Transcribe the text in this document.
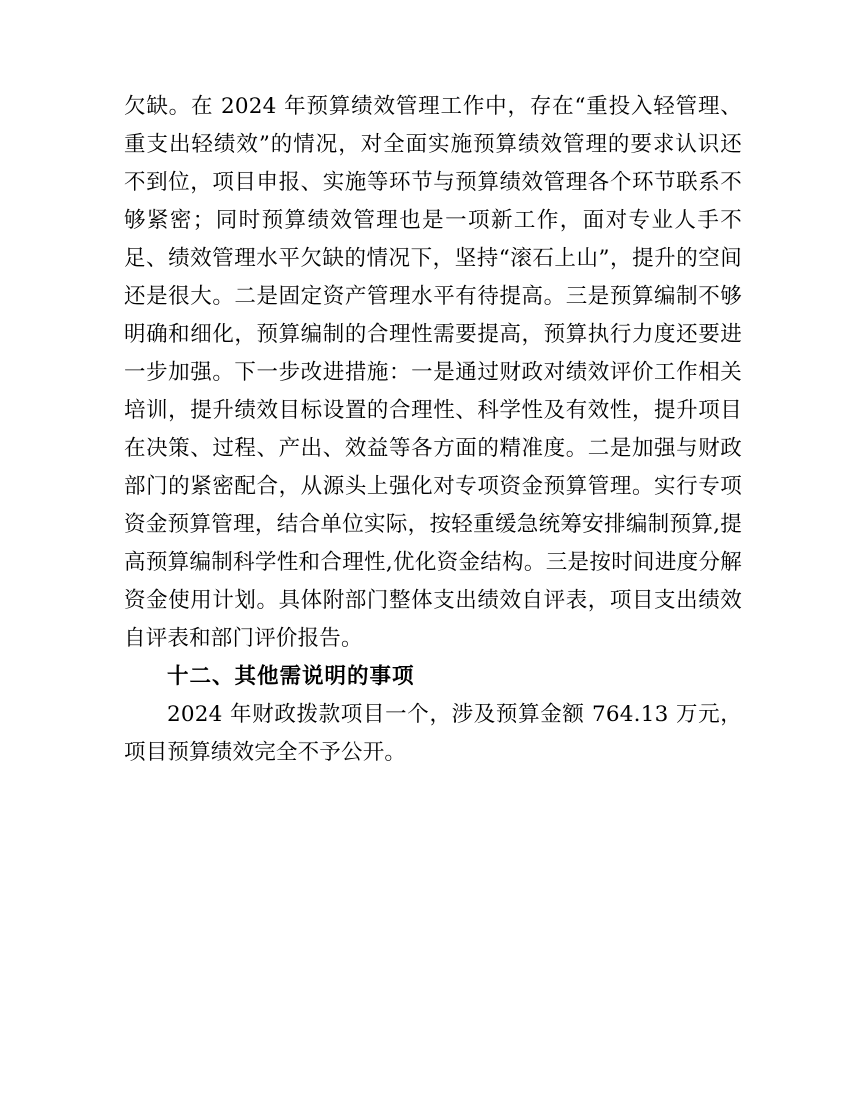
欠缺。在 2024 年预算绩效管理工作中，存在“重投入轻管理、重支出轻绩效”的情况，对全面实施预算绩效管理的要求认识还不到位，项目申报、实施等环节与预算绩效管理各个环节联系不够紧密；同时预算绩效管理也是一项新工作，面对专业人手不足、绩效管理水平欠缺的情况下，坚持“滚石上山”，提升的空间还是很大。二是固定资产管理水平有待提高。三是预算编制不够明确和细化，预算编制的合理性需要提高，预算执行力度还要进一步加强。下一步改进措施：一是通过财政对绩效评价工作相关培训，提升绩效目标设置的合理性、科学性及有效性，提升项目在决策、过程、产出、效益等各方面的精准度。二是加强与财政部门的紧密配合，从源头上强化对专项资金预算管理。实行专项资金预算管理，结合单位实际，按轻重缓急统筹安排编制预算,提高预算编制科学性和合理性,优化资金结构。三是按时间进度分解资金使用计划。具体附部门整体支出绩效自评表，项目支出绩效自评表和部门评价报告。

十二、其他需说明的事项

2024 年财政拨款项目一个，涉及预算金额 764.13 万元，项目预算绩效完全不予公开。
